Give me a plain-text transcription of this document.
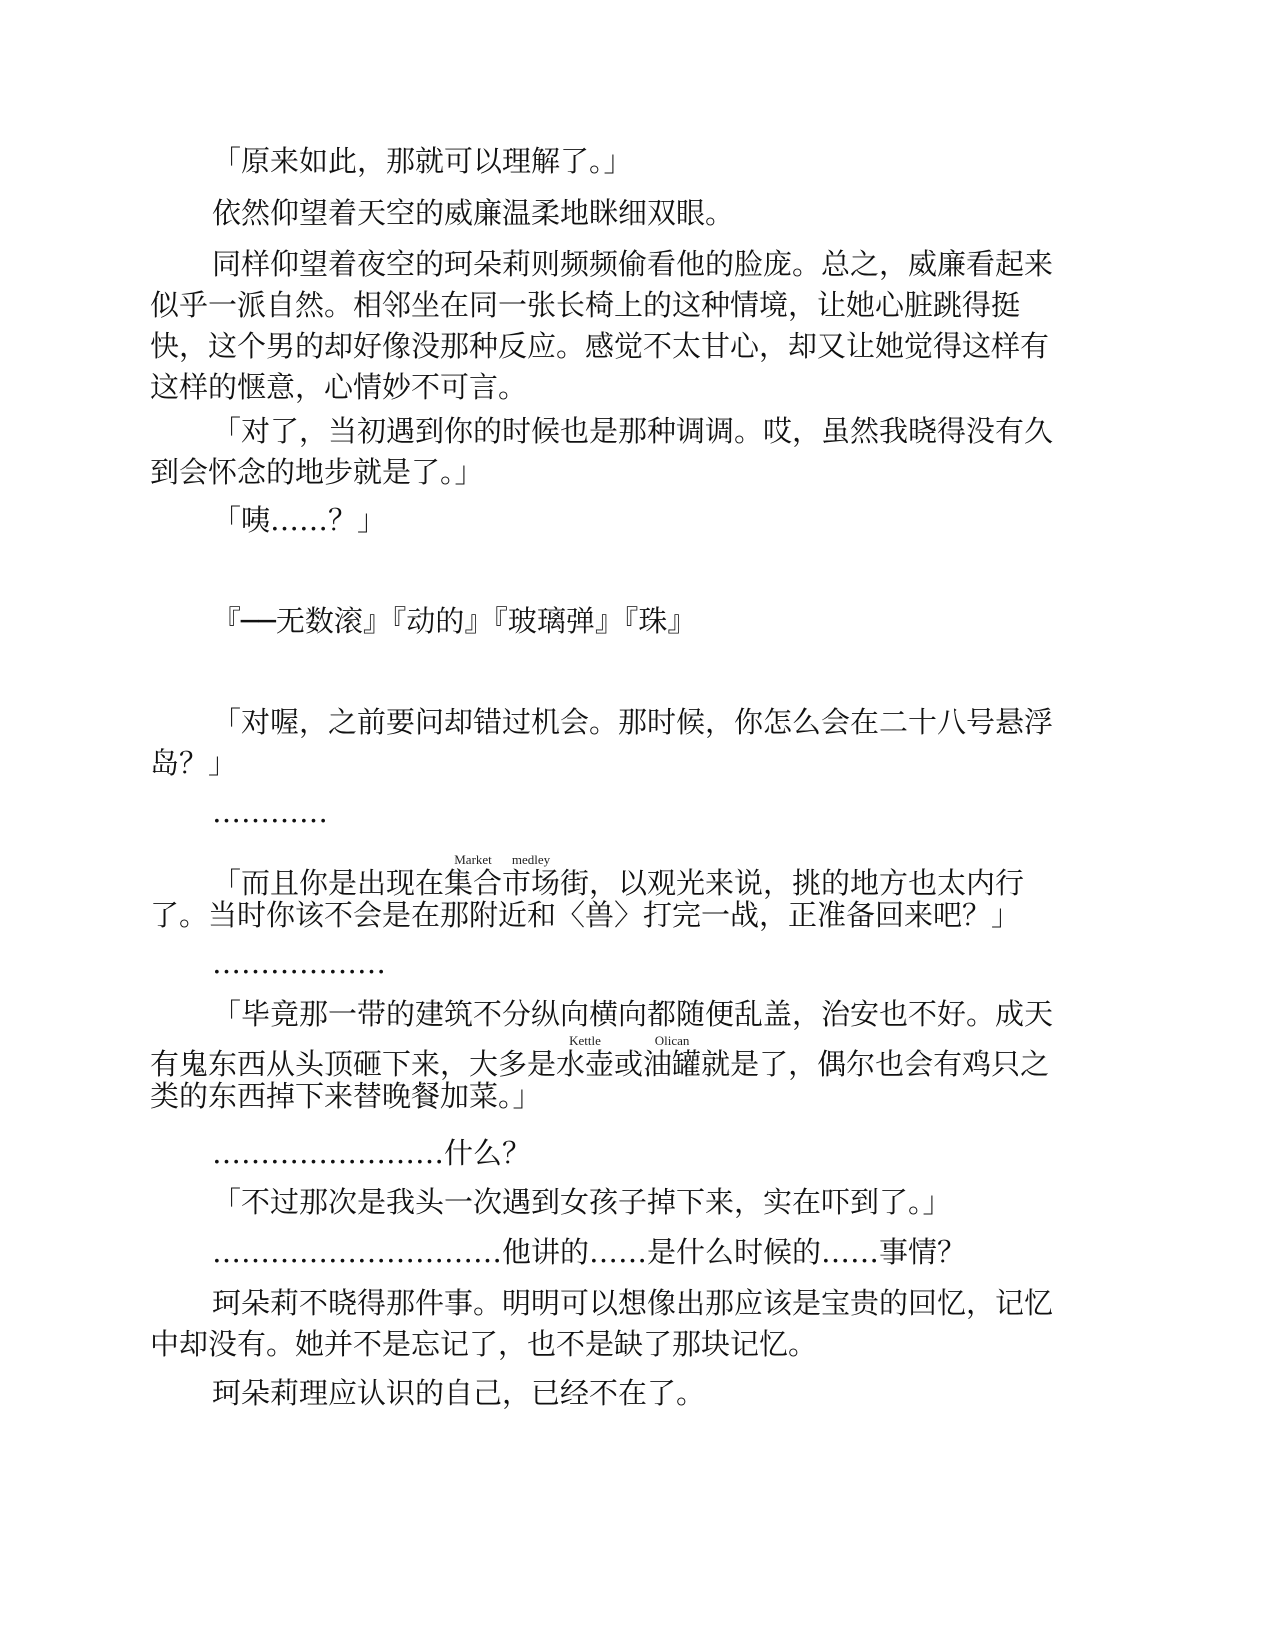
「原来如此，那就可以理解了。」
依然仰望着天空的威廉温柔地眯细双眼。
同样仰望着夜空的珂朵莉则频频偷看他的脸庞。总之，威廉看起来
似乎一派自然。相邻坐在同一张长椅上的这种情境，让她心脏跳得挺
快，这个男的却好像没那种反应。感觉不太甘心，却又让她觉得这样有
这样的惬意，心情妙不可言。
「对了，当初遇到你的时候也是那种调调。哎，虽然我晓得没有久
到会怀念的地步就是了。」
「咦……？」
『──无数滚』『动的』『玻璃弹』『珠』
「对喔，之前要问却错过机会。那时候，你怎么会在二十八号悬浮
岛？」
…………
「而且你是出现在集合Market市场medley街，以观光来说，挑的地方也太内行
了。当时你该不会是在那附近和〈兽〉打完一战，正准备回来吧？」
………………
「毕竟那一带的建筑不分纵向横向都随便乱盖，治安也不好。成天
有鬼东西从头顶砸下来，大多是水壶Kettle或油罐Olican就是了，偶尔也会有鸡只之
类的东西掉下来替晚餐加菜。」
……………………什么？
「不过那次是我头一次遇到女孩子掉下来，实在吓到了。」
…………………………他讲的……是什么时候的……事情？
珂朵莉不晓得那件事。明明可以想像出那应该是宝贵的回忆，记忆
中却没有。她并不是忘记了，也不是缺了那块记忆。
珂朵莉理应认识的自己，已经不在了。
